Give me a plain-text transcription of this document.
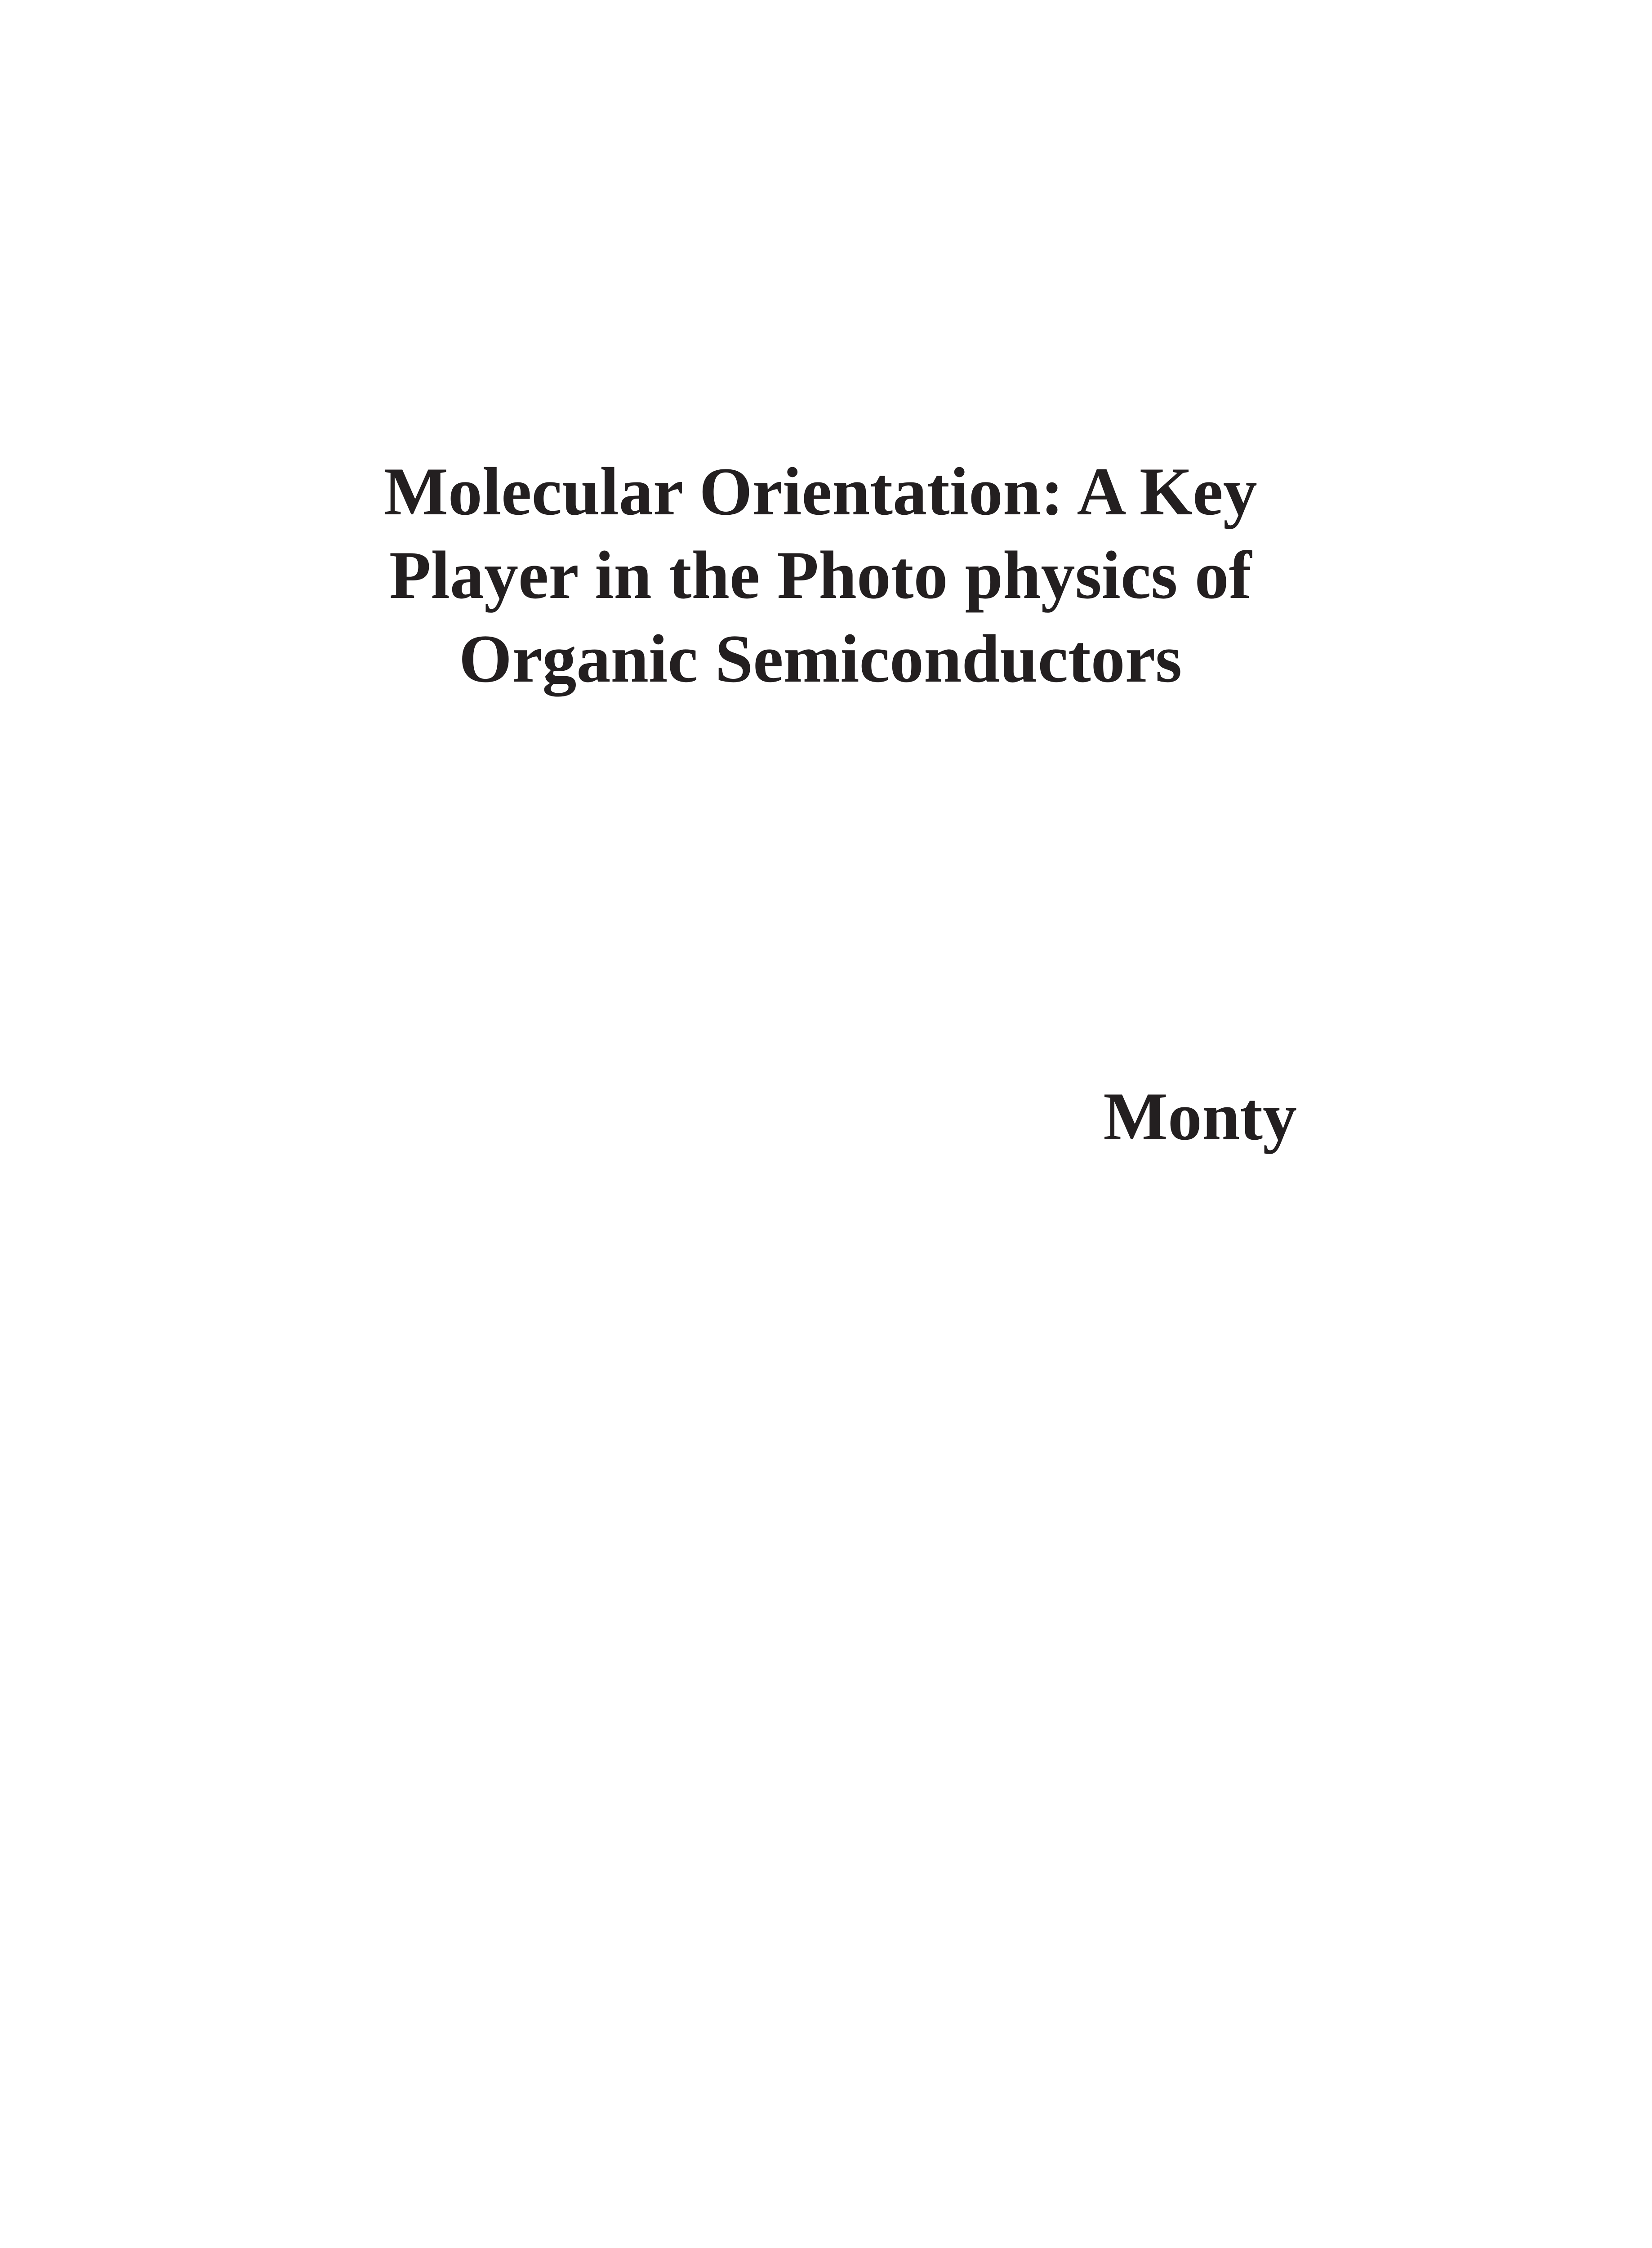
Molecular Orientation: A Key
Player in the Photo physics of
Organic Semiconductors
Monty
